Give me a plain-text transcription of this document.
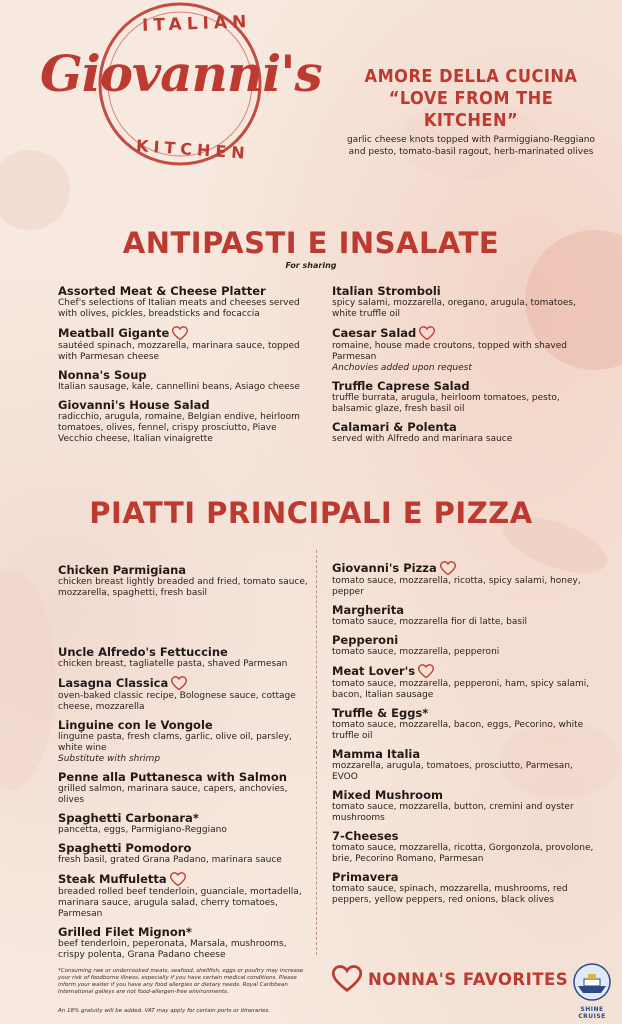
ITALIAN
Giovanni's
KITCHEN
AMORE DELLA CUCINA
“LOVE FROM THE KITCHEN”
garlic cheese knots topped with Parmiggiano-Reggiano and pesto, tomato-basil ragout, herb-marinated olives
ANTIPASTI E INSALATE
For sharing
Assorted Meat & Cheese Platter
Chef's selections of Italian meats and cheeses served with olives, pickles, breadsticks and focaccia
Meatball Gigante
sautéed spinach, mozzarella, marinara sauce, topped with Parmesan cheese
Nonna's Soup
Italian sausage, kale, cannellini beans, Asiago cheese
Giovanni's House Salad
radicchio, arugula, romaine, Belgian endive, heirloom tomatoes, olives, fennel, crispy prosciutto, Piave Vecchio cheese, Italian vinaigrette
Italian Stromboli
spicy salami, mozzarella, oregano, arugula, tomatoes, white truffle oil
Caesar Salad
romaine, house made croutons, topped with shaved Parmesan
Anchovies added upon request
Truffle Caprese Salad
truffle burrata, arugula, heirloom tomatoes, pesto, balsamic glaze, fresh basil oil
Calamari & Polenta
served with Alfredo and marinara sauce
PIATTI PRINCIPALI E PIZZA
Chicken Parmigiana
chicken breast lightly breaded and fried, tomato sauce, mozzarella, spaghetti, fresh basil
Uncle Alfredo's Fettuccine
chicken breast, tagliatelle pasta, shaved Parmesan
Lasagna Classica
oven-baked classic recipe, Bolognese sauce, cottage cheese, mozzarella
Linguine con le Vongole
linguine pasta, fresh clams, garlic, olive oil, parsley, white wine
Substitute with shrimp
Penne alla Puttanesca with Salmon
grilled salmon, marinara sauce, capers, anchovies, olives
Spaghetti Carbonara*
pancetta, eggs, Parmigiano-Reggiano
Spaghetti Pomodoro
fresh basil, grated Grana Padano, marinara sauce
Steak Muffuletta
breaded rolled beef tenderloin, guanciale, mortadella, marinara sauce, arugula salad, cherry tomatoes, Parmesan
Grilled Filet Mignon*
beef tenderloin, peperonata, Marsala, mushrooms, crispy polenta, Grana Padano cheese
Giovanni's Pizza
tomato sauce, mozzarella, ricotta, spicy salami, honey, pepper
Margherita
tomato sauce, mozzarella fior di latte, basil
Pepperoni
tomato sauce, mozzarella, pepperoni
Meat Lover's
tomato sauce, mozzarella, pepperoni, ham, spicy salami, bacon, Italian sausage
Truffle & Eggs*
tomato sauce, mozzarella, bacon, eggs, Pecorino, white truffle oil
Mamma Italia
mozzarella, arugula, tomatoes, prosciutto, Parmesan, EVOO
Mixed Mushroom
tomato sauce, mozzarella, button, cremini and oyster mushrooms
7-Cheeses
tomato sauce, mozzarella, ricotta, Gorgonzola, provolone, brie, Pecorino Romano, Parmesan
Primavera
tomato sauce, spinach, mozzarella, mushrooms, red peppers, yellow peppers, red onions, black olives
*Consuming raw or undercooked meats, seafood, shellfish, eggs or poultry may increase your risk of foodborne illness, especially if you have certain medical conditions. Please inform your waiter if you have any food allergies or dietary needs. Royal Caribbean International galleys are not food-allergen-free environments.
An 18% gratuity will be added. VAT may apply for certain ports or itineraries.
NONNA'S FAVORITES
SHINE CRUISE
